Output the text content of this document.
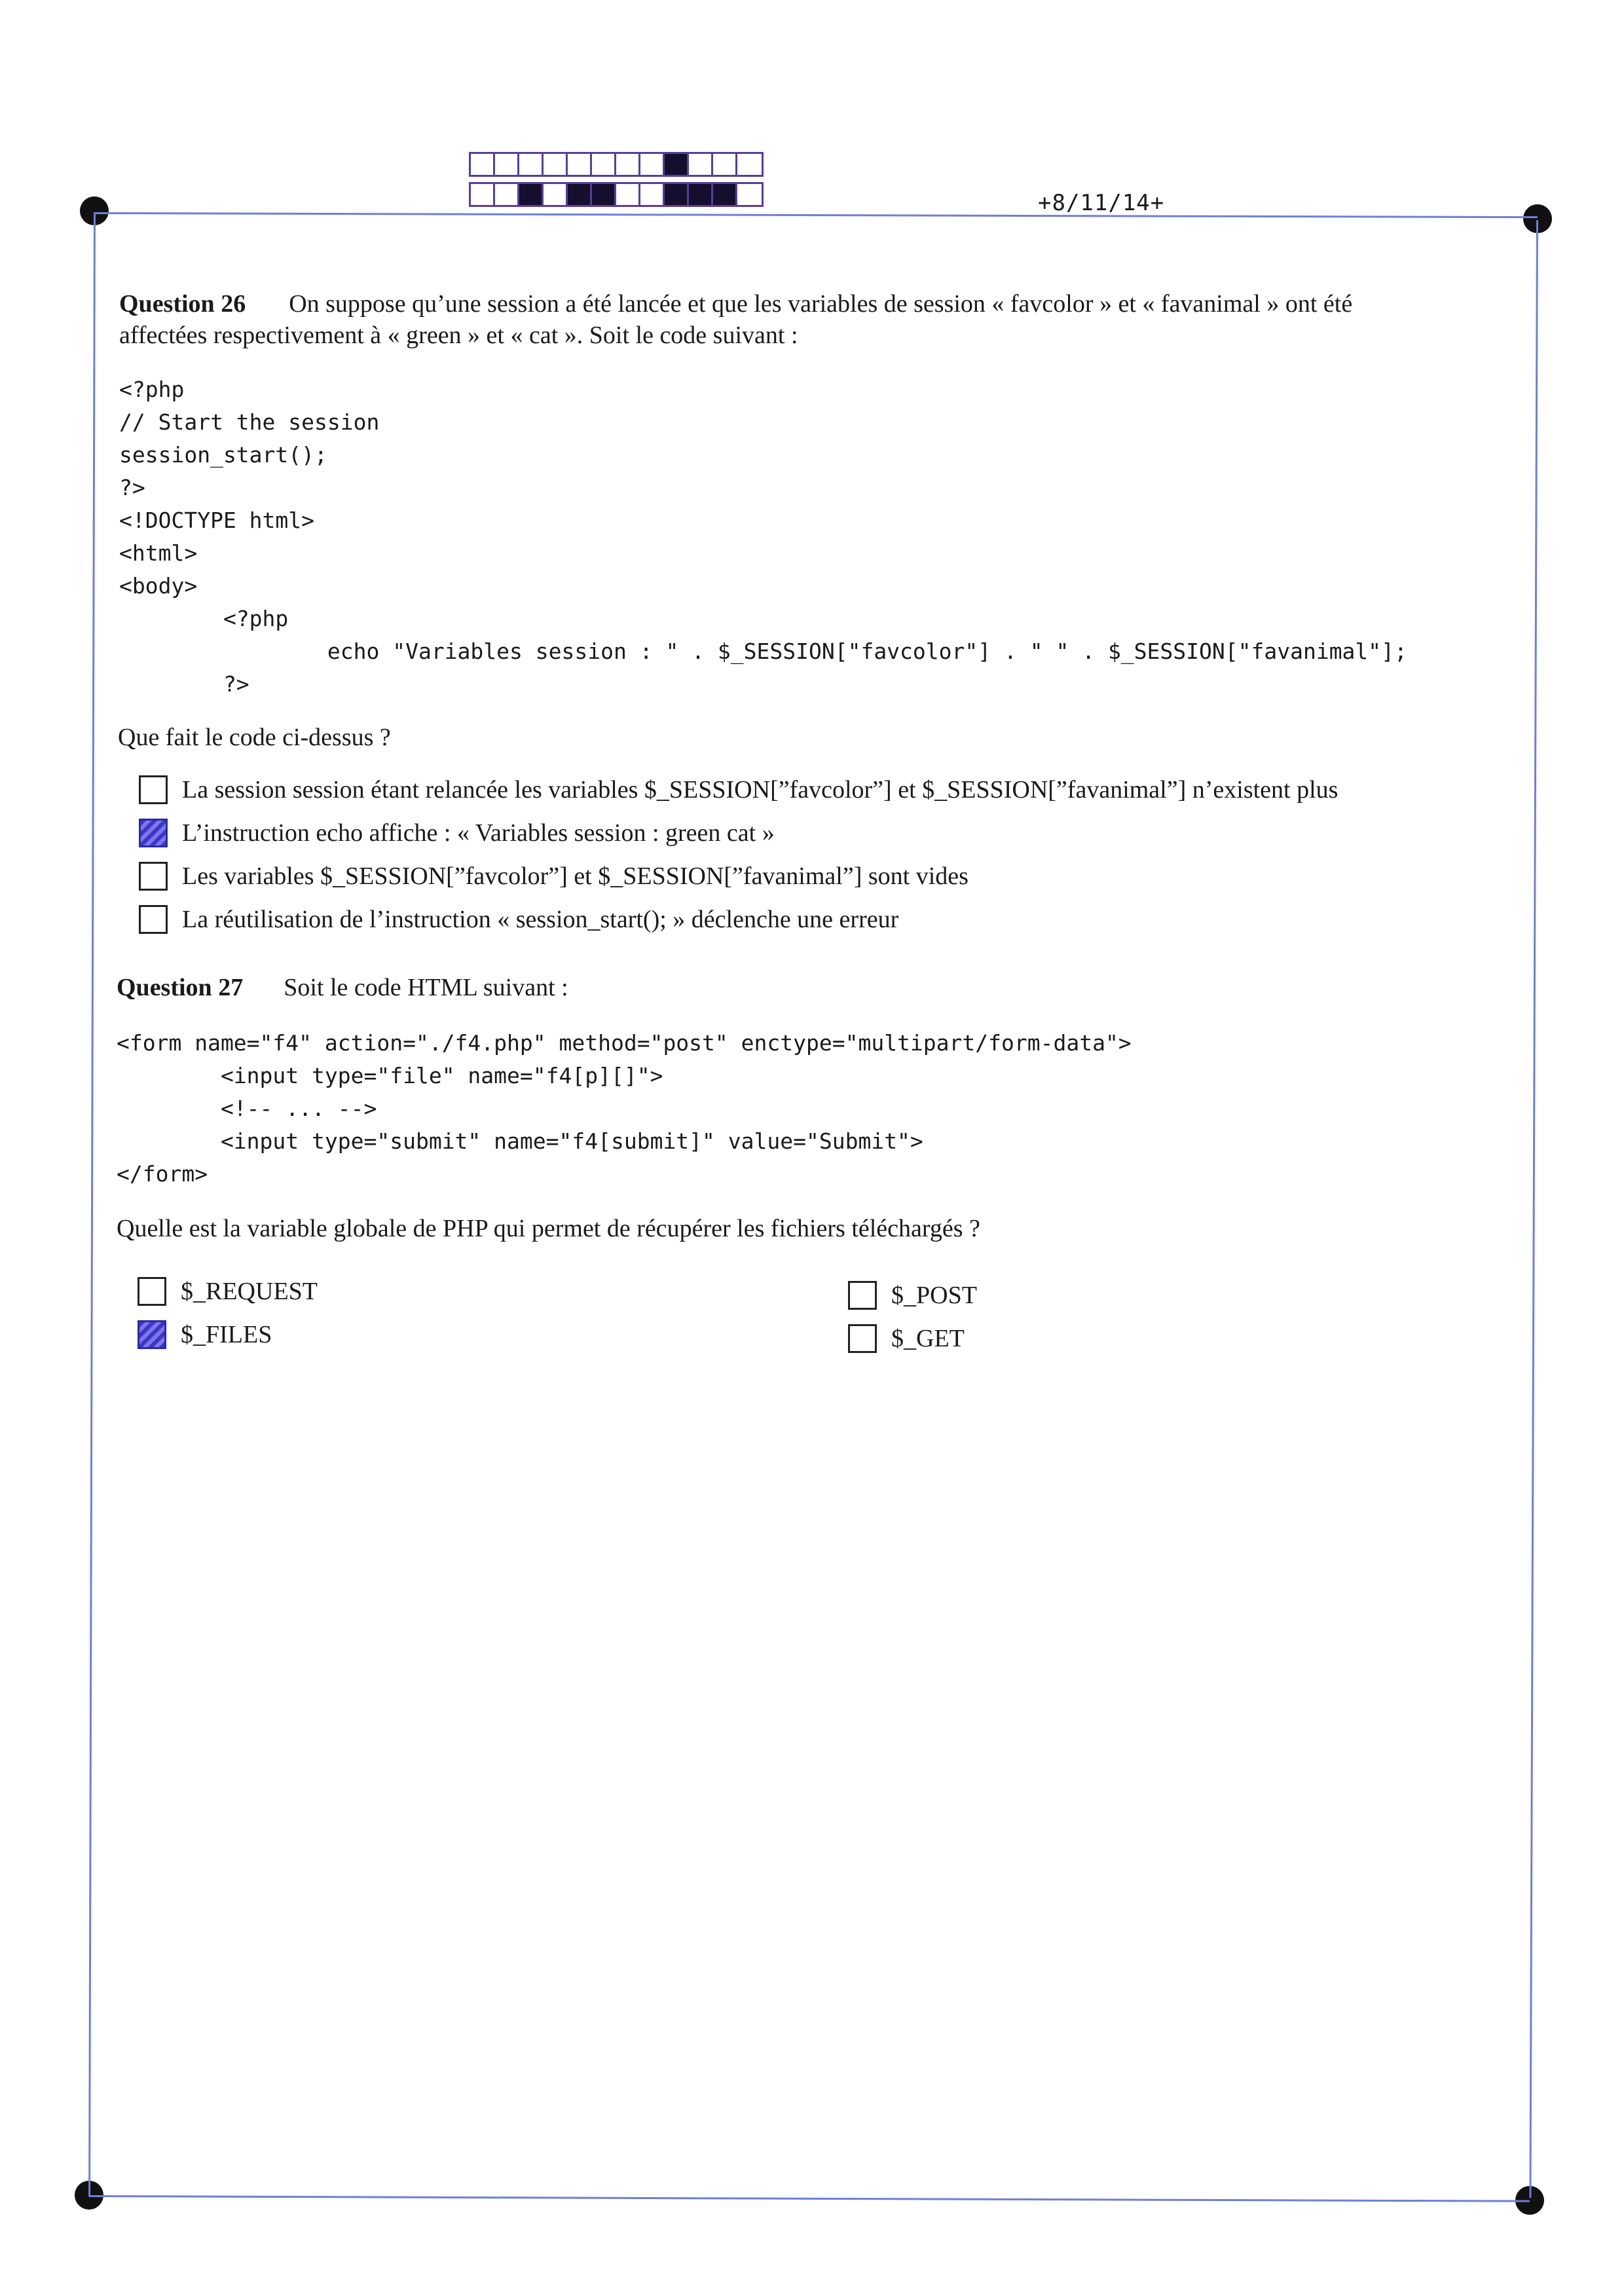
+8/11/14+
Question 26 On suppose qu’une session a été lancée et que les variables de session « favcolor » et « favanimal » ont été
affectées respectivement à « green » et « cat ». Soit le code suivant :
<?php
// Start the session
session_start();
?>
<!DOCTYPE html>
<html>
<body>
<?php
echo "Variables session : " . $_SESSION["favcolor"] . " " . $_SESSION["favanimal"];
?>
Que fait le code ci-dessus ?
La session session étant relancée les variables $_SESSION[”favcolor”] et $_SESSION[”favanimal”] n’existent plus
L’instruction echo affiche : « Variables session : green cat »
Les variables $_SESSION[”favcolor”] et $_SESSION[”favanimal”] sont vides
La réutilisation de l’instruction « session_start(); » déclenche une erreur
Question 27 Soit le code HTML suivant :
<form name="f4" action="./f4.php" method="post" enctype="multipart/form-data">
<input type="file" name="f4[p][]">
<!-- ... -->
<input type="submit" name="f4[submit]" value="Submit">
</form>
Quelle est la variable globale de PHP qui permet de récupérer les fichiers téléchargés ?
$_REQUEST
$_FILES
$_POST
$_GET
